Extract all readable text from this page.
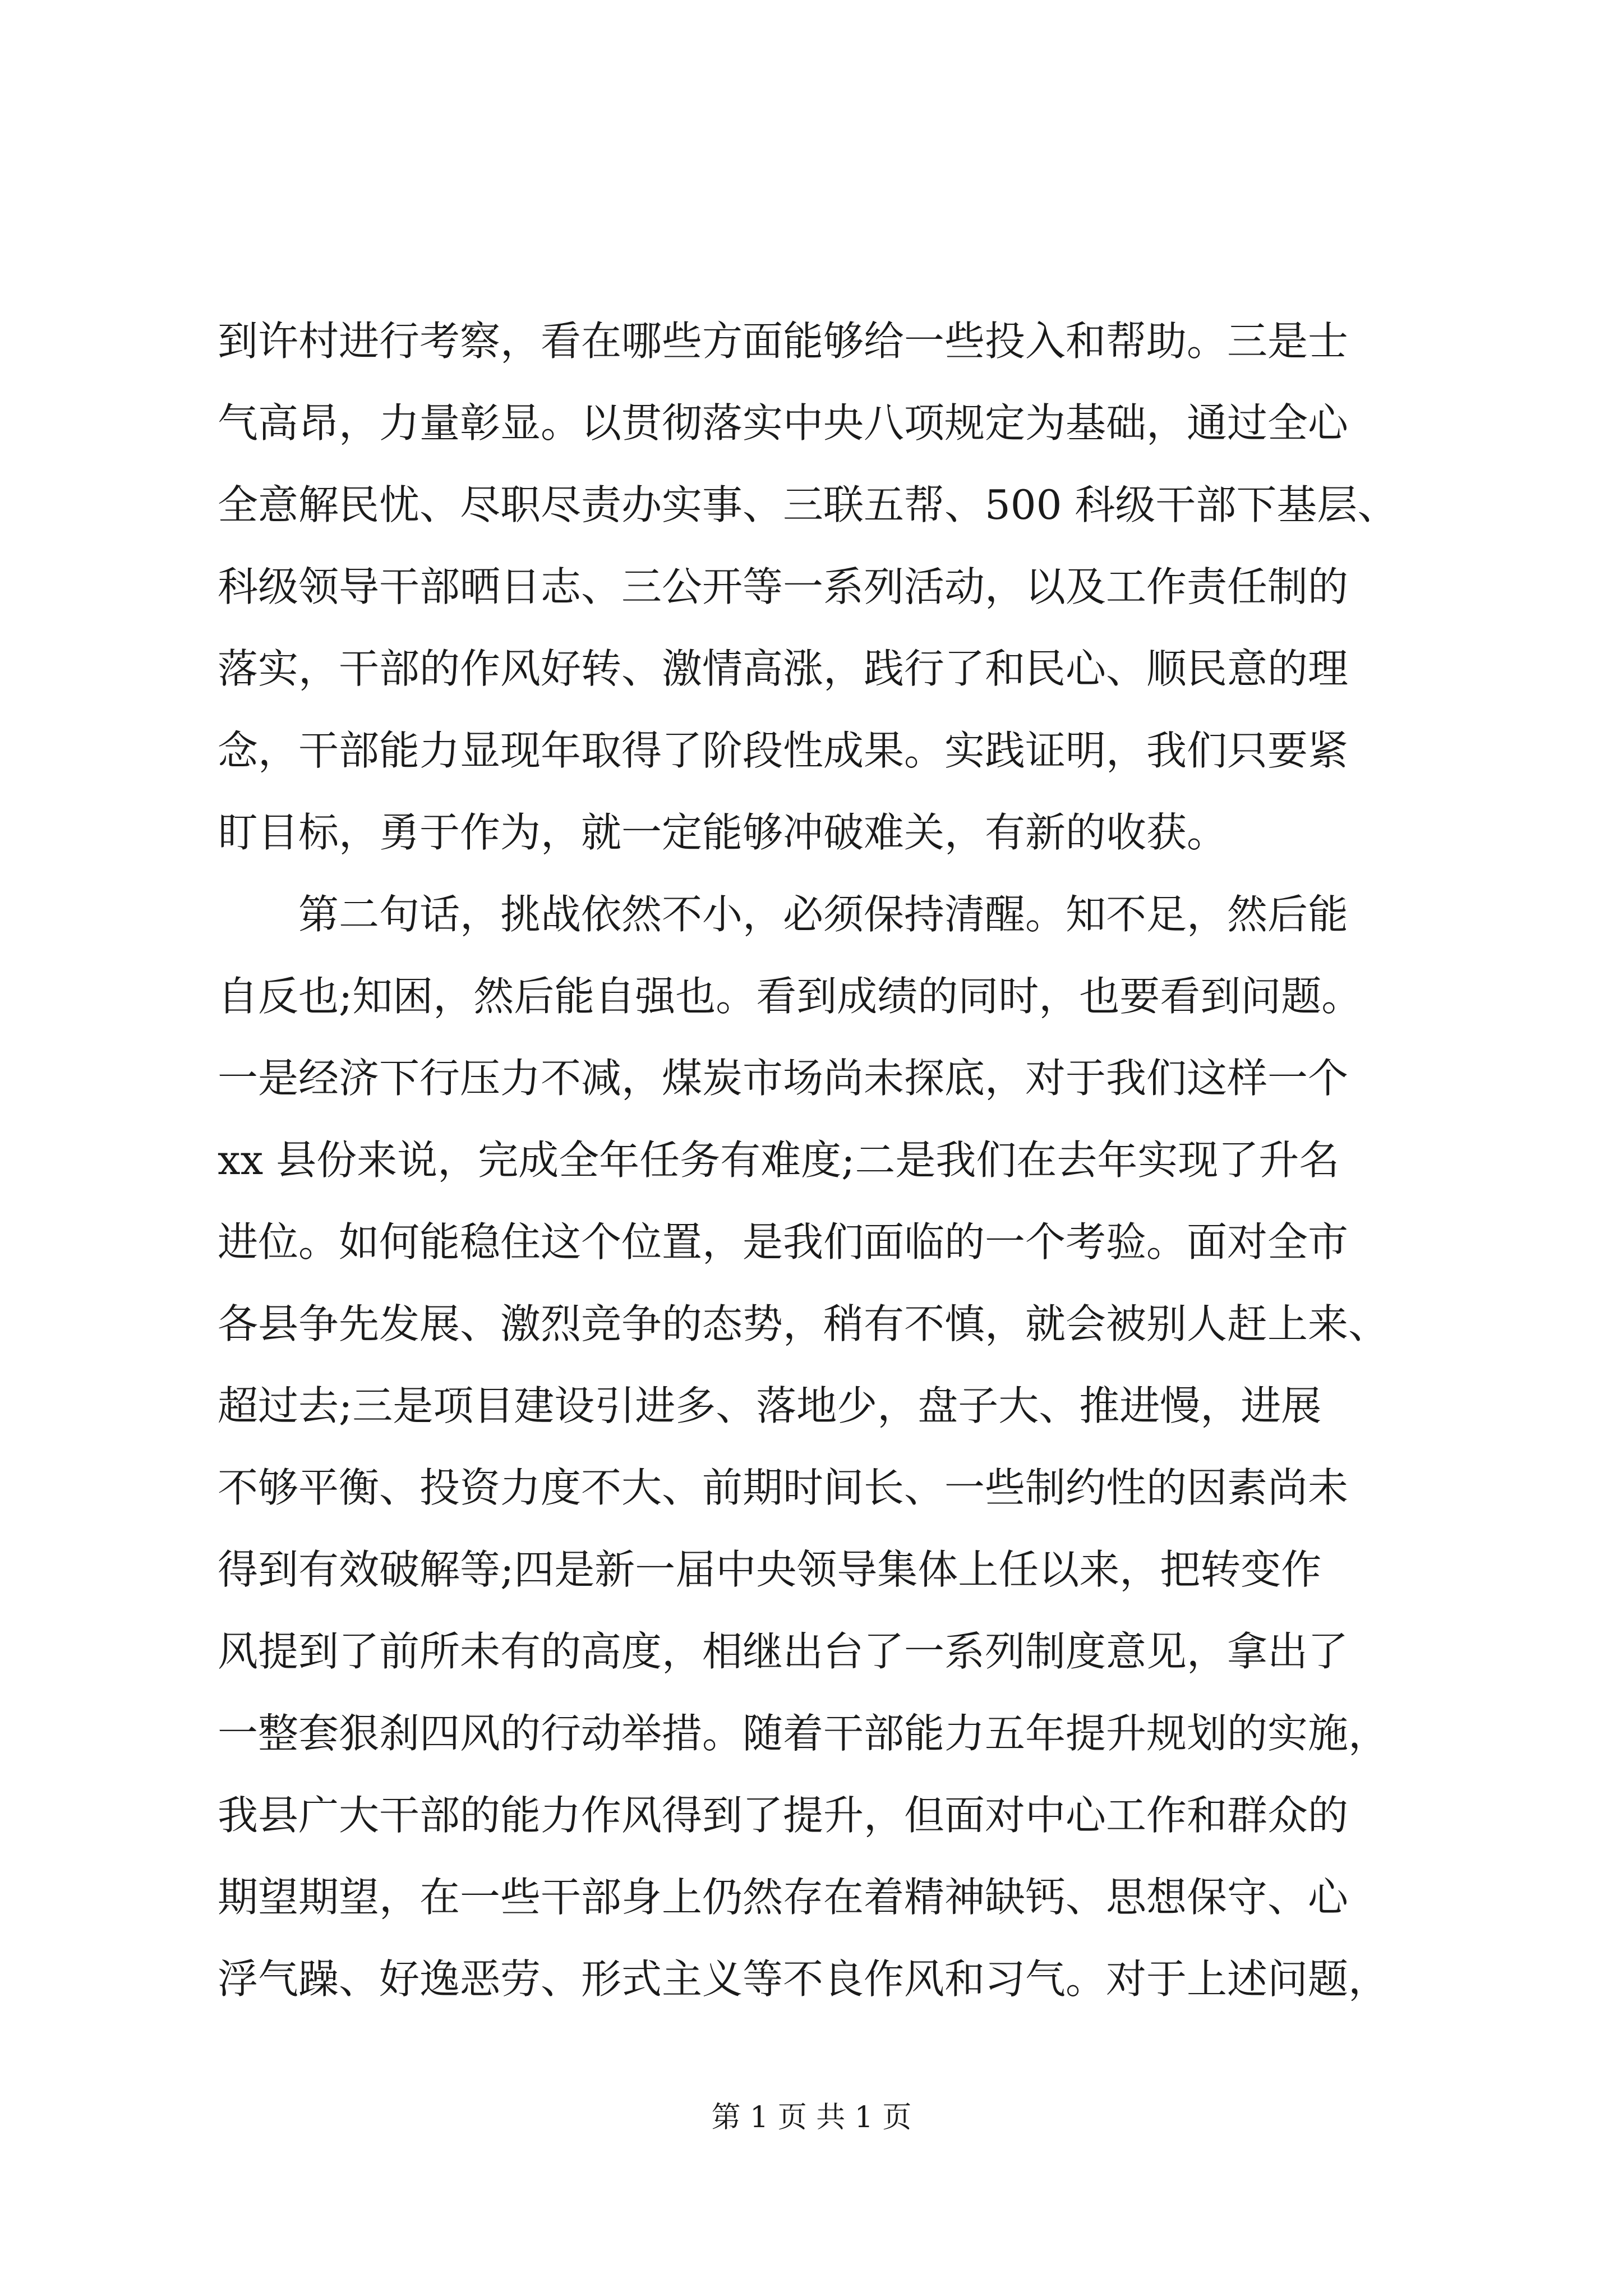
到许村进行考察，看在哪些方面能够给一些投入和帮助。三是士
气高昂，力量彰显。以贯彻落实中央八项规定为基础，通过全心
全意解民忧、尽职尽责办实事、三联五帮、500 科级干部下基层、
科级领导干部晒日志、三公开等一系列活动，以及工作责任制的
落实，干部的作风好转、激情高涨，践行了和民心、顺民意的理
念，干部能力显现年取得了阶段性成果。实践证明，我们只要紧
盯目标，勇于作为，就一定能够冲破难关，有新的收获。
第二句话，挑战依然不小，必须保持清醒。知不足，然后能
自反也;知困，然后能自强也。看到成绩的同时，也要看到问题。
一是经济下行压力不减，煤炭市场尚未探底，对于我们这样一个
xx 县份来说，完成全年任务有难度;二是我们在去年实现了升名
进位。如何能稳住这个位置，是我们面临的一个考验。面对全市
各县争先发展、激烈竞争的态势，稍有不慎，就会被别人赶上来、
超过去;三是项目建设引进多、落地少，盘子大、推进慢，进展
不够平衡、投资力度不大、前期时间长、一些制约性的因素尚未
得到有效破解等;四是新一届中央领导集体上任以来，把转变作
风提到了前所未有的高度，相继出台了一系列制度意见，拿出了
一整套狠刹四风的行动举措。随着干部能力五年提升规划的实施，
我县广大干部的能力作风得到了提升，但面对中心工作和群众的
期望期望，在一些干部身上仍然存在着精神缺钙、思想保守、心
浮气躁、好逸恶劳、形式主义等不良作风和习气。对于上述问题，
第 1 页 共 1 页
